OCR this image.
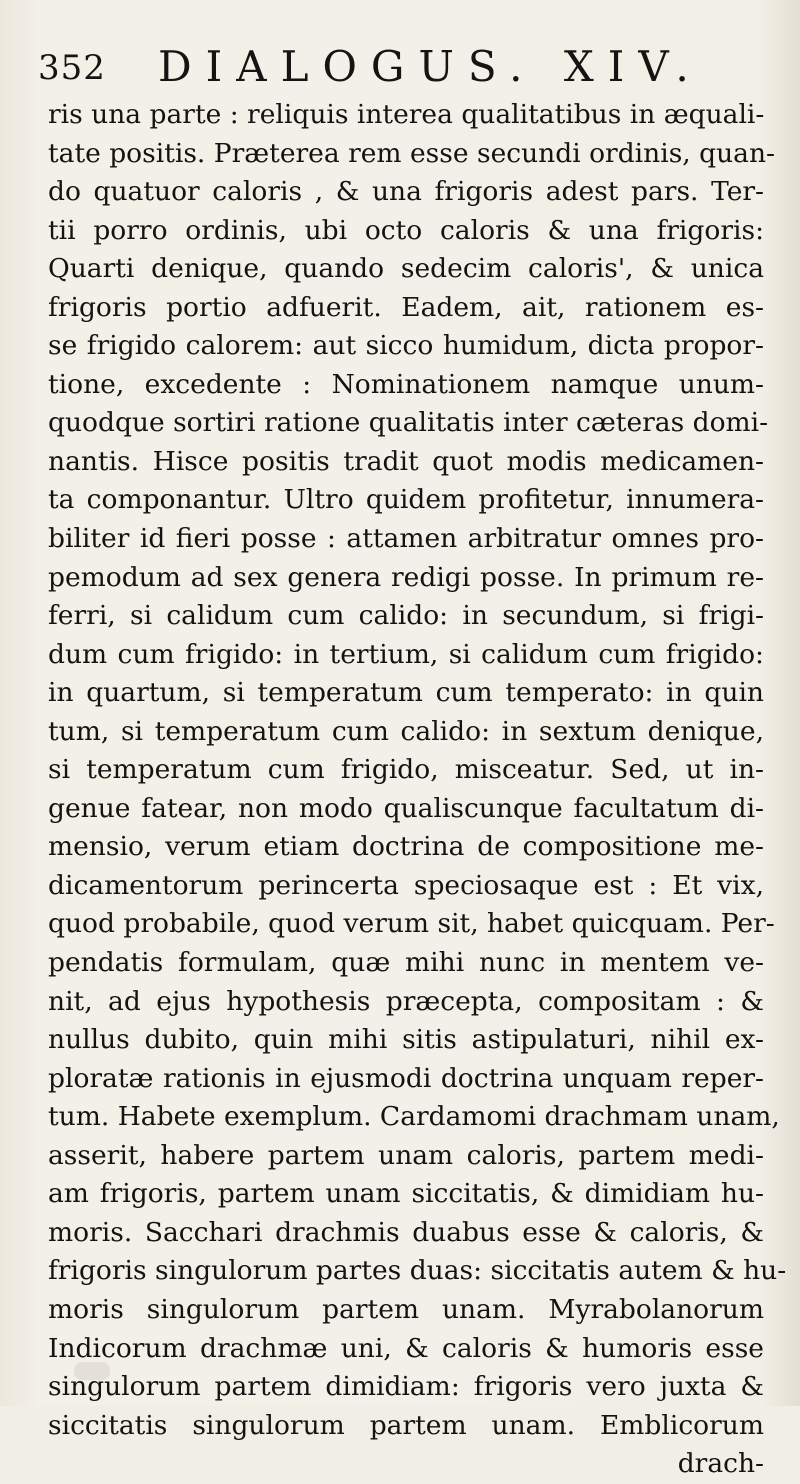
352 DIALOGUS. XIV.
ris una parte : reliquis interea qualitatibus in æquali-
tate positis. Præterea rem esse secundi ordinis, quan-
do quatuor caloris , & una frigoris adest pars. Ter-
tii porro ordinis, ubi octo caloris & una frigoris:
Quarti denique, quando sedecim caloris', & unica
frigoris portio adfuerit. Eadem, ait, rationem es-
se frigido calorem: aut sicco humidum, dicta propor-
tione, excedente : Nominationem namque unum-
quodque sortiri ratione qualitatis inter cæteras domi-
nantis. Hisce positis tradit quot modis medicamen-
ta componantur. Ultro quidem profitetur, innumera-
biliter id fieri posse : attamen arbitratur omnes pro-
pemodum ad sex genera redigi posse. In primum re-
ferri, si calidum cum calido: in secundum, si frigi-
dum cum frigido: in tertium, si calidum cum frigido:
in quartum, si temperatum cum temperato: in quin
tum, si temperatum cum calido: in sextum denique,
si temperatum cum frigido, misceatur. Sed, ut in-
genue fatear, non modo qualiscunque facultatum di-
mensio, verum etiam doctrina de compositione me-
dicamentorum perincerta speciosaque est : Et vix,
quod probabile, quod verum sit, habet quicquam. Per-
pendatis formulam, quæ mihi nunc in mentem ve-
nit, ad ejus hypothesis præcepta, compositam : &
nullus dubito, quin mihi sitis astipulaturi, nihil ex-
ploratæ rationis in ejusmodi doctrina unquam reper-
tum. Habete exemplum. Cardamomi drachmam unam,
asserit, habere partem unam caloris, partem medi-
am frigoris, partem unam siccitatis, & dimidiam hu-
moris. Sacchari drachmis duabus esse & caloris, &
frigoris singulorum partes duas: siccitatis autem & hu-
moris singulorum partem unam. Myrabolanorum
Indicorum drachmæ uni, & caloris & humoris esse
singulorum partem dimidiam: frigoris vero juxta &
siccitatis singulorum partem unam. Emblicorum
drach-
